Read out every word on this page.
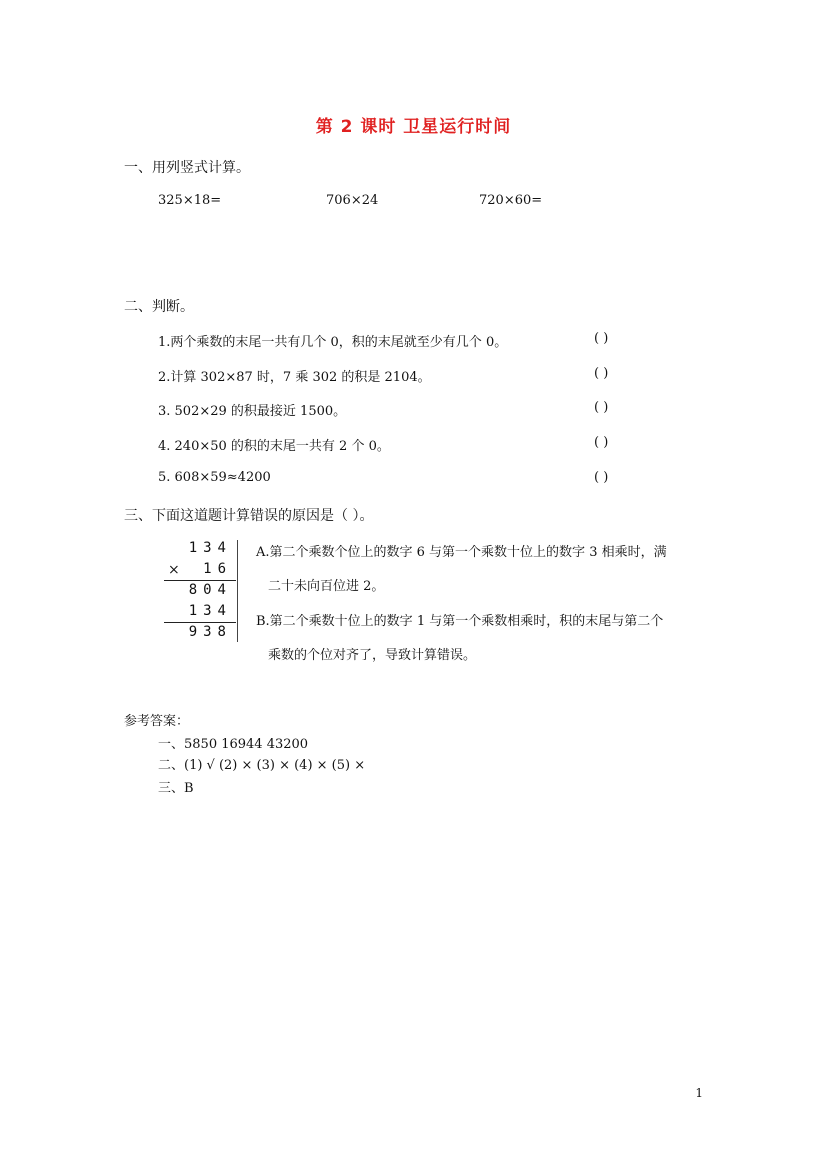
第 2 课时 卫星运行时间
一、用列竖式计算。
325×18=	706×24	720×60=
二、判断。
1.两个乘数的末尾一共有几个 0，积的末尾就至少有几个 0。	( )
2.计算 302×87 时，7 乘 302 的积是 2104。	( )
3. 502×29 的积最接近 1500。	( )
4. 240×50 的积的末尾一共有 2 个 0。	( )
5. 608×59≈4200	( )
三、下面这道题计算错误的原因是（ ）。
134
×	16
804
134
938
A.第二个乘数个位上的数字 6 与第一个乘数十位上的数字 3 相乘时，满
二十未向百位进 2。
B.第二个乘数十位上的数字 1 与第一个乘数相乘时，积的末尾与第二个
乘数的个位对齐了，导致计算错误。
参考答案：
一、5850 16944 43200
二、(1) √ (2) × (3) × (4) × (5) ×
三、B
1
